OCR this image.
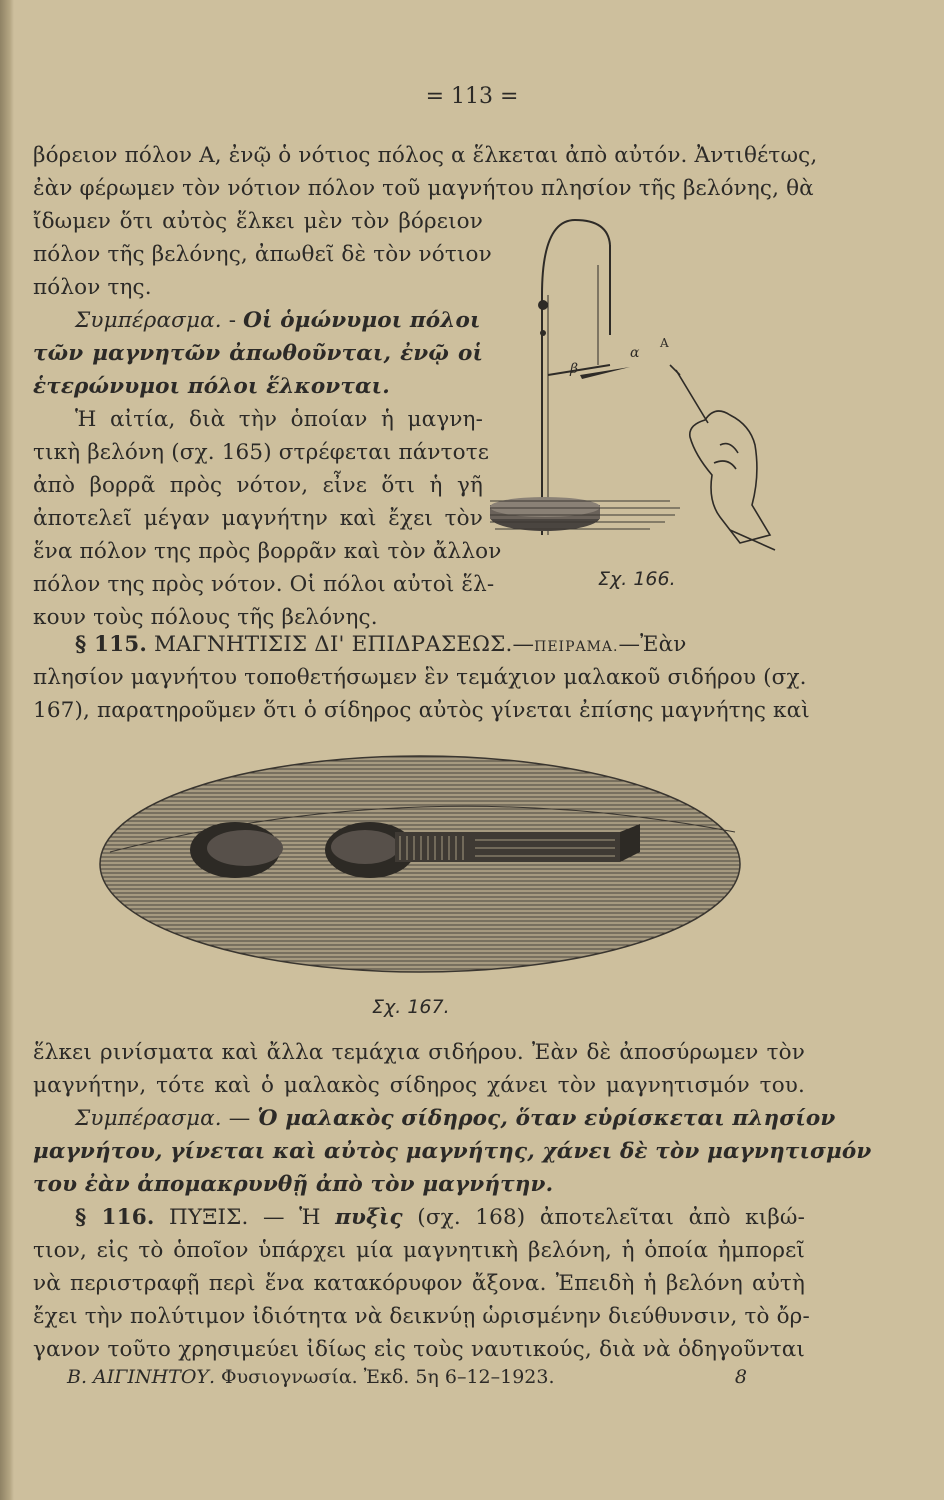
= 113 =
βόρειον πόλον Α, ἐνῷ ὁ νότιος πόλος α ἕλκεται ἀπὸ αὐτόν. Ἀντιθέτως,
ἐὰν φέρωμεν τὸν νότιον πόλον τοῦ μαγνήτου πλησίον τῆς βελόνης, θὰ
ἴδωμεν ὅτι αὐτὸς ἕλκει μὲν τὸν βόρειον
πόλον τῆς βελόνης, ἀπωθεῖ δὲ τὸν νότιον
πόλον της.
Συμπέρασμα. - Οἱ ὁμώνυμοι πόλοι
τῶν μαγνητῶν ἀπωθοῦνται, ἐνῷ οἱ
ἑτερώνυμοι πόλοι ἕλκονται.
Ἡ αἰτία, διὰ τὴν ὁποίαν ἡ μαγνη-
τικὴ βελόνη (σχ. 165) στρέφεται πάντοτε
ἀπὸ βορρᾶ πρὸς νότον, εἶνε ὅτι ἡ γῆ
ἀποτελεῖ μέγαν μαγνήτην καὶ ἔχει τὸν
ἕνα πόλον της πρὸς βορρᾶν καὶ τὸν ἄλλον
πόλον της πρὸς νότον. Οἱ πόλοι αὐτοὶ ἕλ-
κουν τοὺς πόλους τῆς βελόνης.
α
Α
β
Σχ. 166.
§ 115. ΜΑΓΝΗΤΙΣΙΣ ΔΙ' ΕΠΙΔΡΑΣΕΩΣ.—ΠΕΙΡΑΜΑ.—Ἐὰν
πλησίον μαγνήτου τοποθετήσωμεν ἓν τεμάχιον μαλακοῦ σιδήρου (σχ.
167), παρατηροῦμεν ὅτι ὁ σίδηρος αὐτὸς γίνεται ἐπίσης μαγνήτης καὶ
Σχ. 167.
ἕλκει ρινίσματα καὶ ἄλλα τεμάχια σιδήρου. Ἐὰν δὲ ἀποσύρωμεν τὸν
μαγνήτην, τότε καὶ ὁ μαλακὸς σίδηρος χάνει τὸν μαγνητισμόν του.
Συμπέρασμα. — Ὁ μαλακὸς σίδηρος, ὅταν εὑρίσκεται πλησίον
μαγνήτου, γίνεται καὶ αὐτὸς μαγνήτης, χάνει δὲ τὸν μαγνητισμόν
του ἐὰν ἀπομακρυνθῇ ἀπὸ τὸν μαγνήτην.
§ 116. ΠΥΞΙΣ. — Ἡ πυξὶς (σχ. 168) ἀποτελεῖται ἀπὸ κιβώ-
τιον, εἰς τὸ ὁποῖον ὑπάρχει μία μαγνητικὴ βελόνη, ἡ ὁποία ἠμπορεῖ
νὰ περιστραφῇ περὶ ἕνα κατακόρυφον ἄξονα. Ἐπειδὴ ἡ βελόνη αὐτὴ
ἔχει τὴν πολύτιμον ἰδιότητα νὰ δεικνύῃ ὡρισμένην διεύθυνσιν, τὸ ὄρ-
γανον τοῦτο χρησιμεύει ἰδίως εἰς τοὺς ναυτικούς, διὰ νὰ ὁδηγοῦνται
Β. ΑΙΓΙΝΗΤΟΥ. Φυσιογνωσία. Ἐκδ. 5η 6–12–1923.	8
